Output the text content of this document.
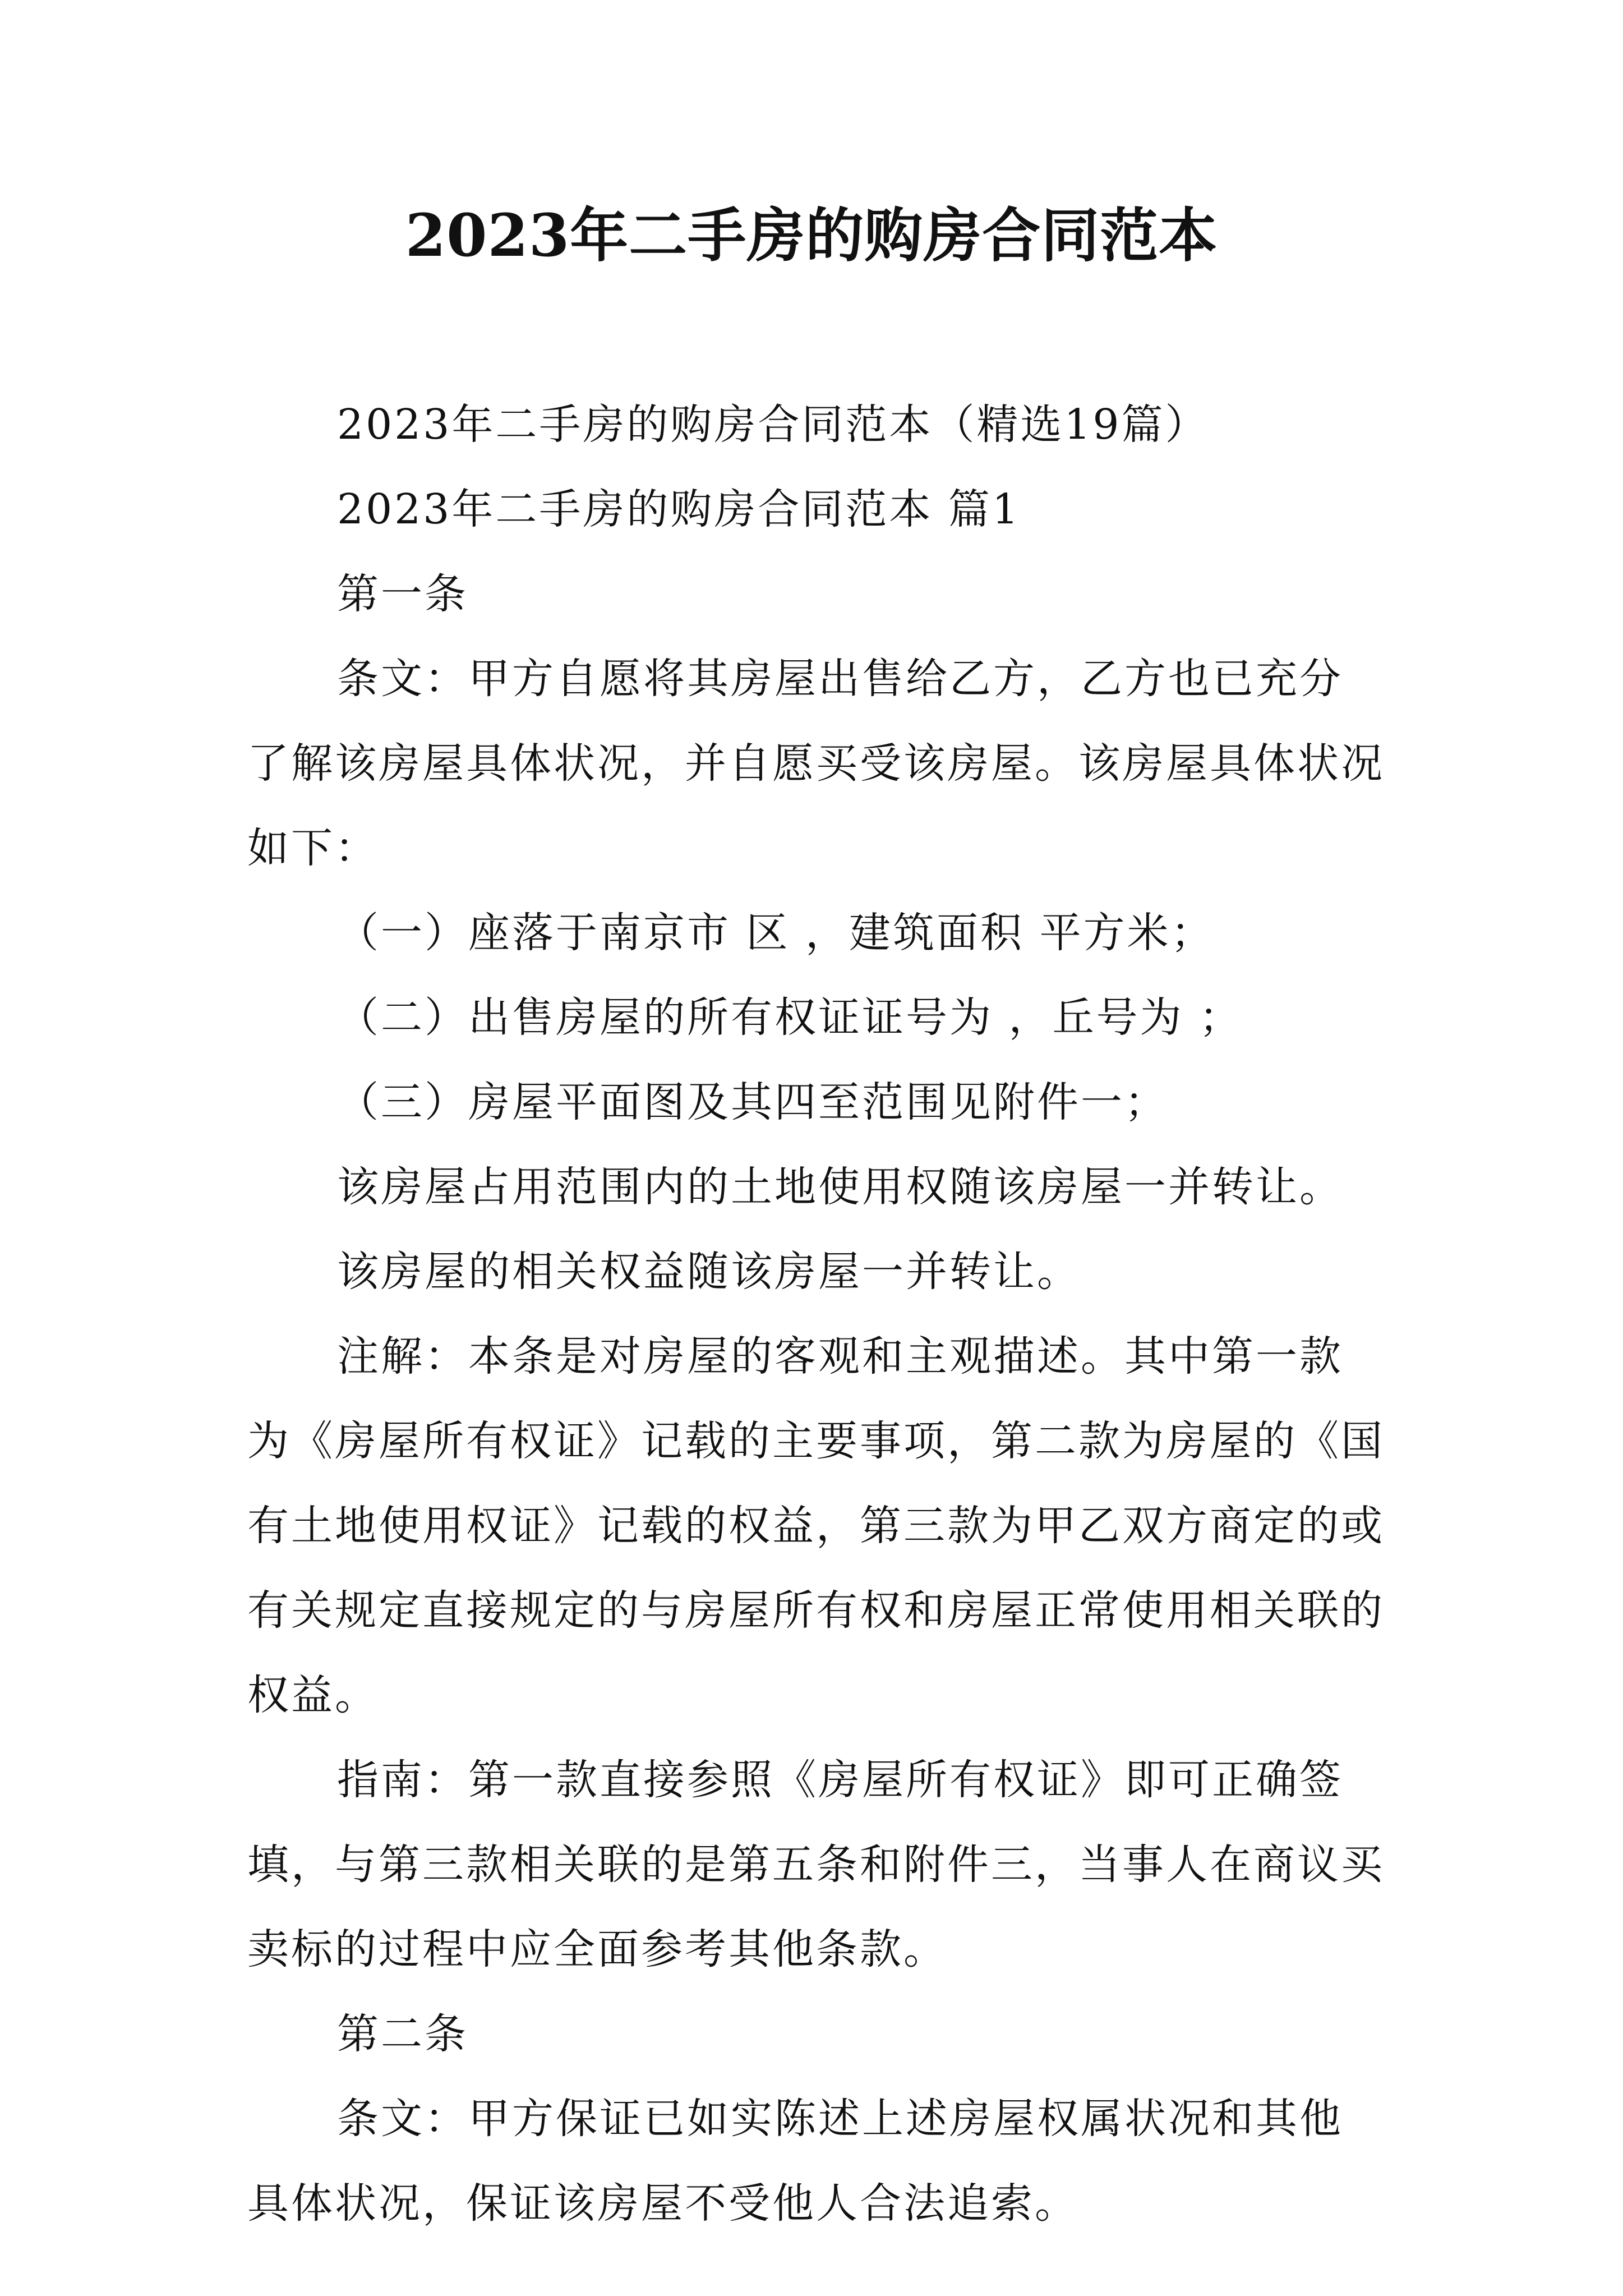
2023年二手房的购房合同范本

2023年二手房的购房合同范本（精选19篇）

2023年二手房的购房合同范本 篇1

第一条

条文：甲方自愿将其房屋出售给乙方，乙方也已充分了解该房屋具体状况，并自愿买受该房屋。该房屋具体状况如下：

（一）座落于南京市 区 ，建筑面积 平方米；

（二）出售房屋的所有权证证号为 ，丘号为 ；

（三）房屋平面图及其四至范围见附件一；

该房屋占用范围内的土地使用权随该房屋一并转让。

该房屋的相关权益随该房屋一并转让。

注解：本条是对房屋的客观和主观描述。其中第一款为《房屋所有权证》记载的主要事项，第二款为房屋的《国有土地使用权证》记载的权益，第三款为甲乙双方商定的或有关规定直接规定的与房屋所有权和房屋正常使用相关联的权益。

指南：第一款直接参照《房屋所有权证》即可正确签填，与第三款相关联的是第五条和附件三，当事人在商议买卖标的过程中应全面参考其他条款。

第二条

条文：甲方保证已如实陈述上述房屋权属状况和其他具体状况，保证该房屋不受他人合法追索。
